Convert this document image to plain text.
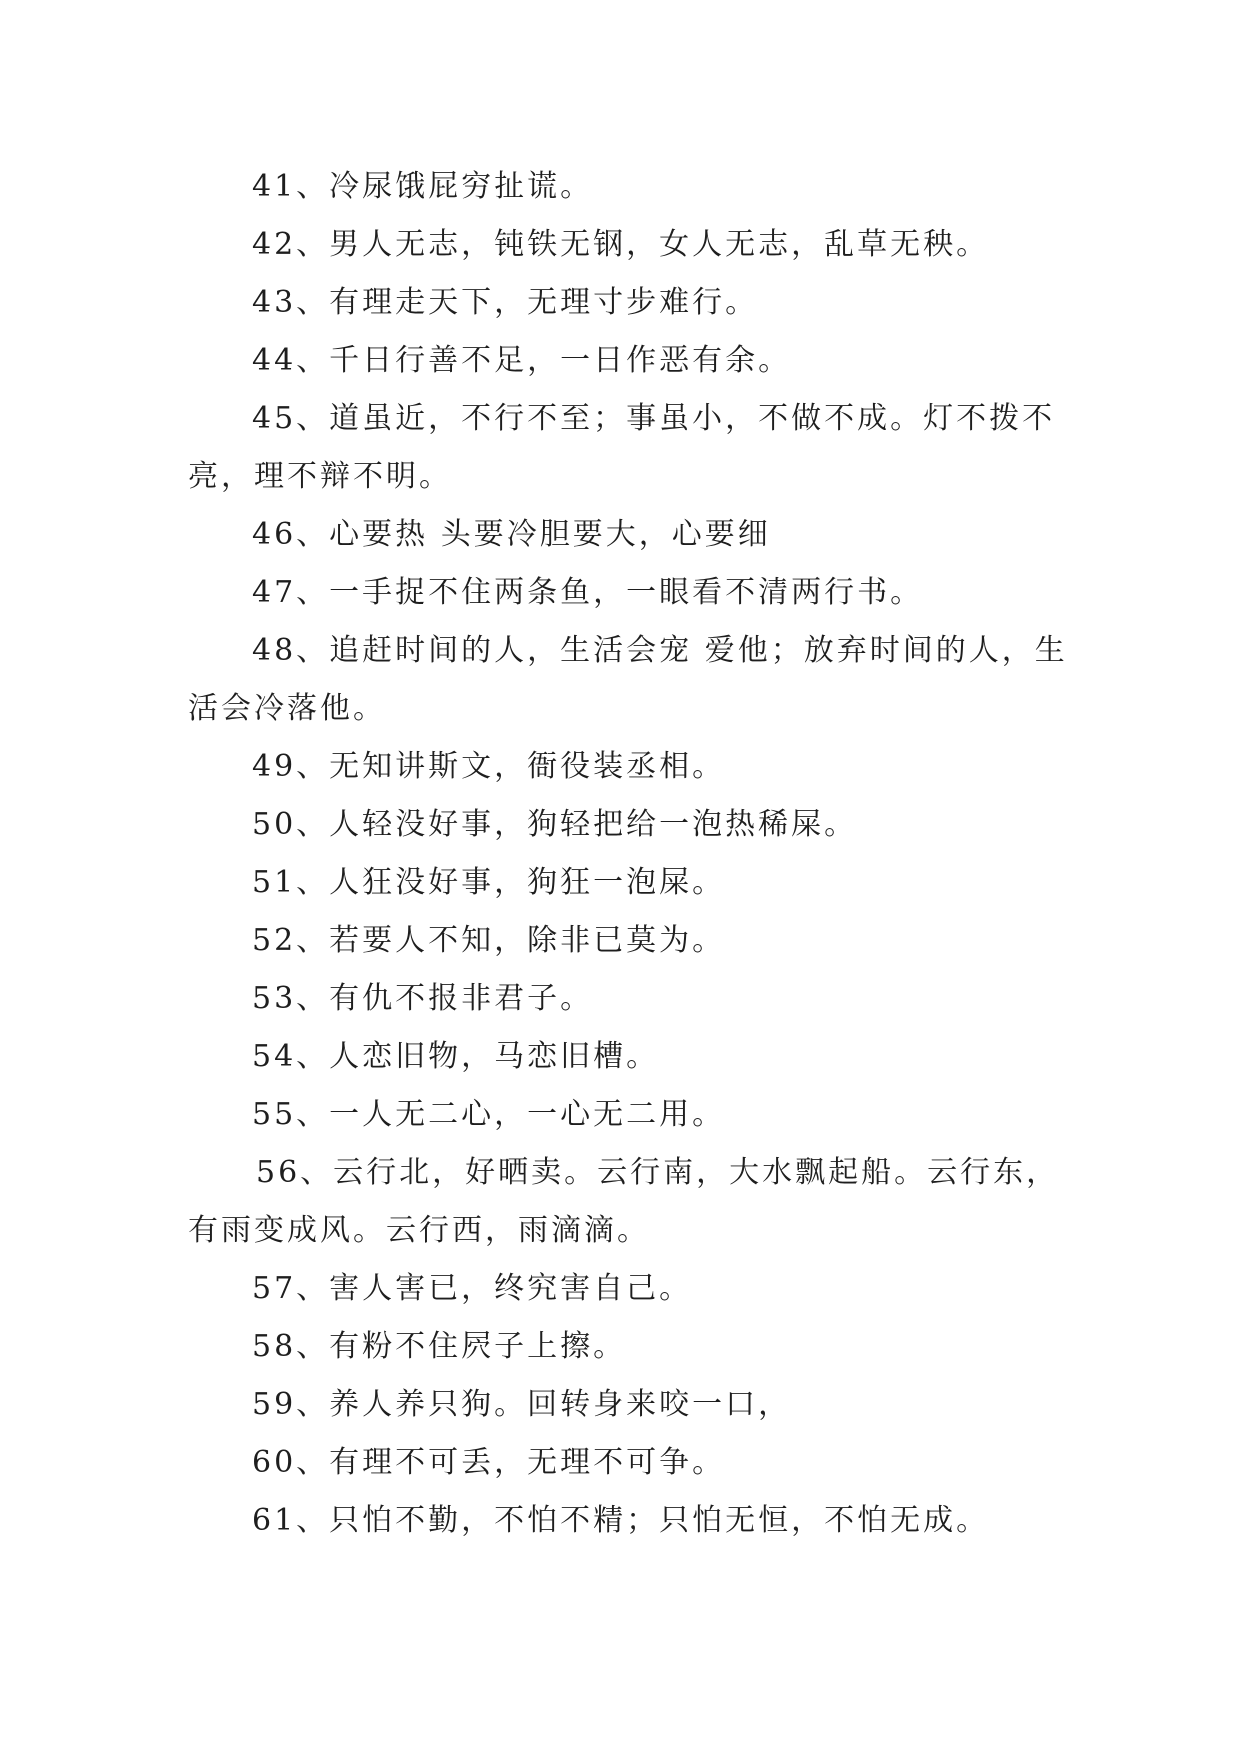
41、冷尿饿屁穷扯谎。

42、男人无志，钝铁无钢，女人无志，乱草无秧。

43、有理走天下，无理寸步难行。

44、千日行善不足，一日作恶有余。

45、道虽近，不行不至；事虽小，不做不成。灯不拨不亮，理不辩不明。

46、心要热 头要冷胆要大，心要细

47、一手捉不住两条鱼，一眼看不清两行书。

48、追赶时间的人，生活会宠 爱他；放弃时间的人，生活会冷落他。

49、无知讲斯文，衙役装丞相。

50、人轻没好事，狗轻把给一泡热稀屎。

51、人狂没好事，狗狂一泡屎。

52、若要人不知，除非已莫为。

53、有仇不报非君子。

54、人恋旧物，马恋旧槽。

55、一人无二心，一心无二用。

56、云行北，好晒卖。云行南，大水飘起船。云行东，有雨变成风。云行西，雨滴滴。

57、害人害已，终究害自己。

58、有粉不住屄子上擦。

59、养人养只狗。回转身来咬一口，

60、有理不可丢，无理不可争。

61、只怕不勤，不怕不精；只怕无恒，不怕无成。
